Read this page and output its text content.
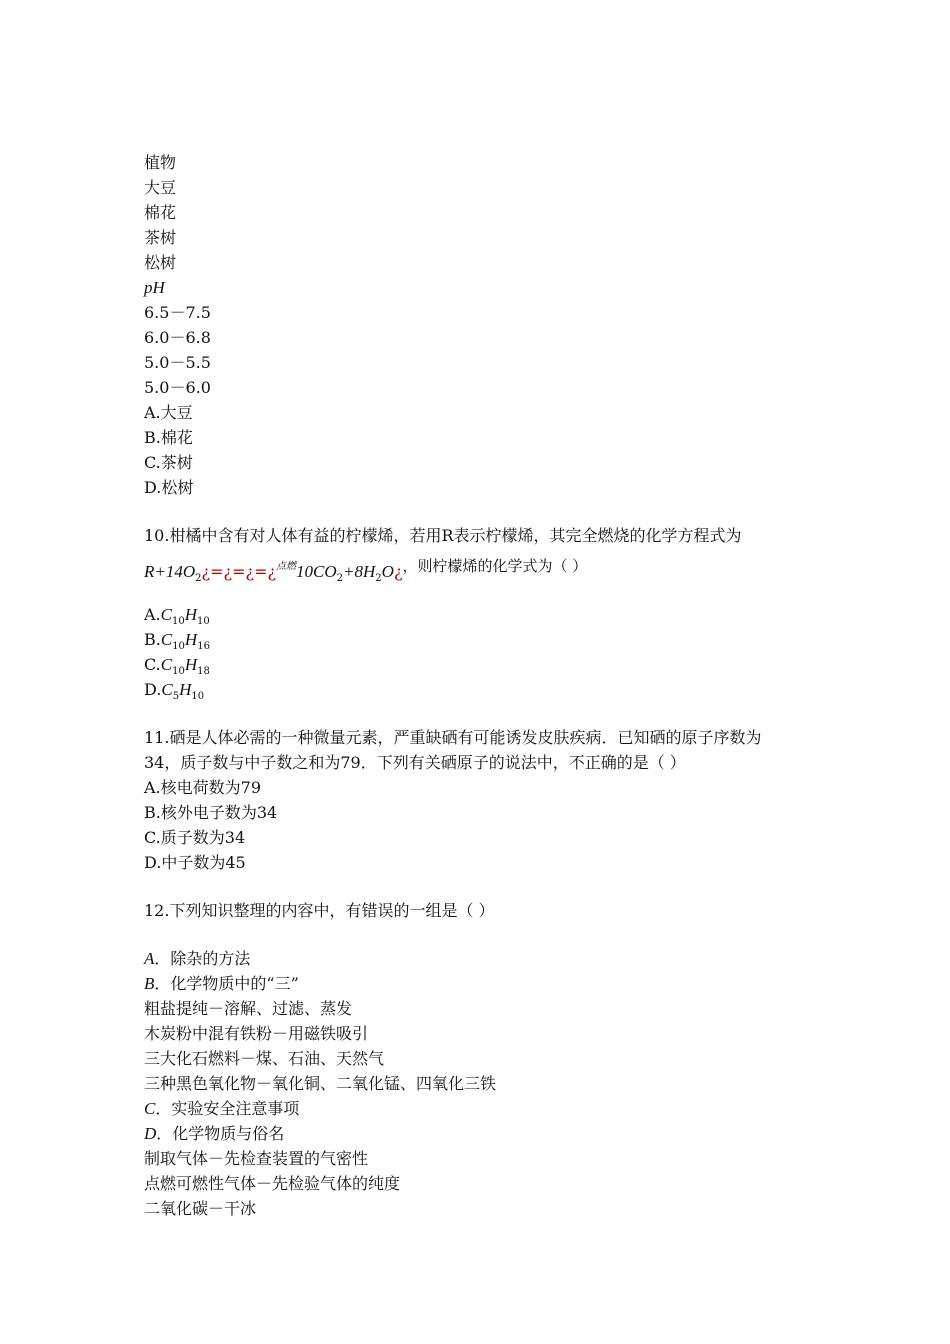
植物
大豆
棉花
茶树
松树
pH
6.5－7.5
6.0－6.8
5.0－5.5
5.0－6.0
A.大豆
B.棉花
C.茶树
D.松树
10.柑橘中含有对人体有益的柠檬烯，若用R表示柠檬烯，其完全燃烧的化学方程式为
$R+14O_2¿=¿=¿=¿^{点燃}10CO_2+8H_2O¿$，则柠檬烯的化学式为（ ）
$A.C_{10}H_{10}$
$B.C_{10}H_{16}$
$C.C_{10}H_{18}$
$D.C_5H_{10}$
11.硒是人体必需的一种微量元素，严重缺硒有可能诱发皮肤疾病．已知硒的原子序数为
34，质子数与中子数之和为79．下列有关硒原子的说法中，不正确的是（ ）
A.核电荷数为79
B.核外电子数为34
C.质子数为34
D.中子数为45
12.下列知识整理的内容中，有错误的一组是（ ）
A．除杂的方法
B．化学物质中的“三”
粗盐提纯－溶解、过滤、蒸发
木炭粉中混有铁粉－用磁铁吸引
三大化石燃料－煤、石油、天然气
三种黑色氧化物－氧化铜、二氧化锰、四氧化三铁
C．实验安全注意事项
D．化学物质与俗名
制取气体－先检查装置的气密性
点燃可燃性气体－先检验气体的纯度
二氧化碳－干冰
